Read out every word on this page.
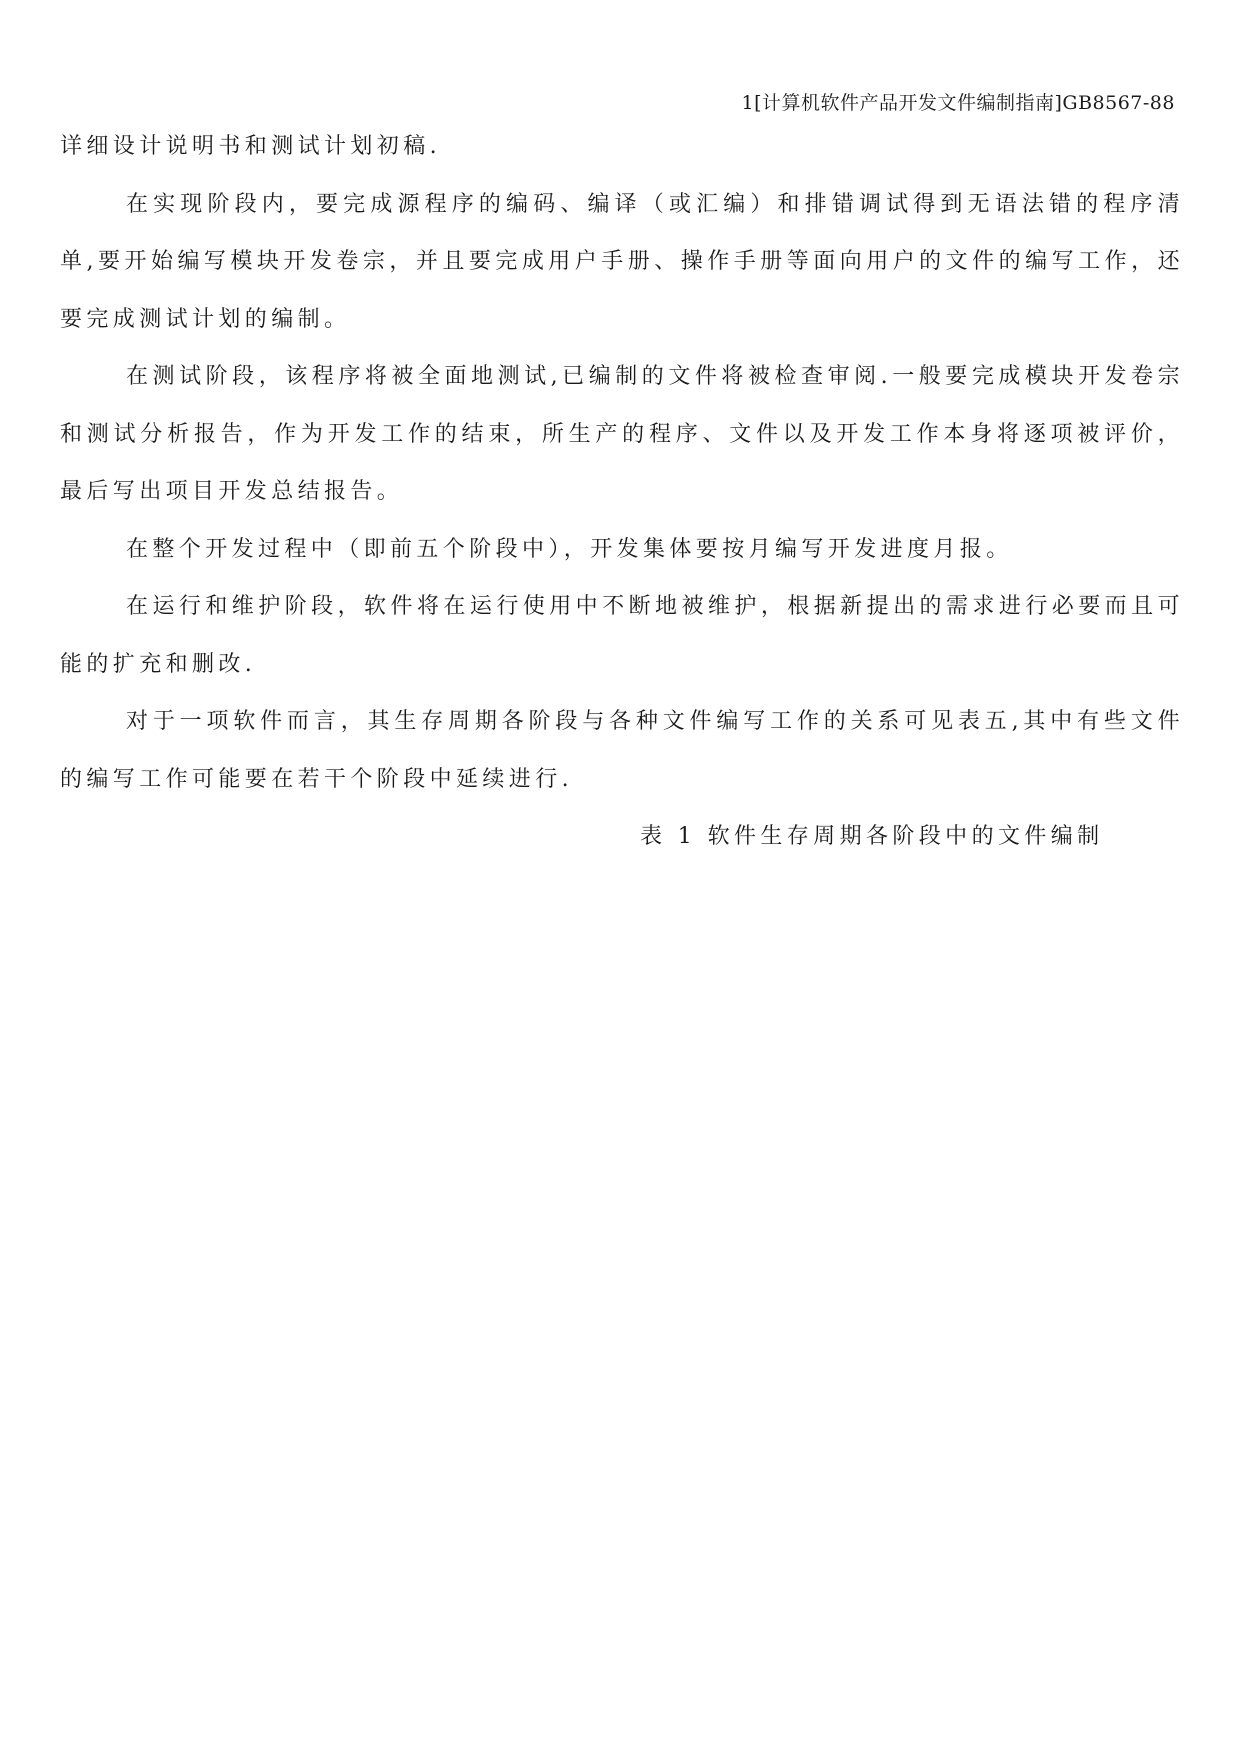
1[计算机软件产品开发文件编制指南]GB8567-88

详细设计说明书和测试计划初稿.

在实现阶段内，要完成源程序的编码、编译（或汇编）和排错调试得到无语法错的程序清单,要开始编写模块开发卷宗，并且要完成用户手册、操作手册等面向用户的文件的编写工作，还要完成测试计划的编制。

在测试阶段，该程序将被全面地测试,已编制的文件将被检查审阅.一般要完成模块开发卷宗和测试分析报告，作为开发工作的结束，所生产的程序、文件以及开发工作本身将逐项被评价，最后写出项目开发总结报告。

在整个开发过程中（即前五个阶段中），开发集体要按月编写开发进度月报。

在运行和维护阶段，软件将在运行使用中不断地被维护，根据新提出的需求进行必要而且可能的扩充和删改.

对于一项软件而言，其生存周期各阶段与各种文件编写工作的关系可见表五,其中有些文件的编写工作可能要在若干个阶段中延续进行.

表 1 软件生存周期各阶段中的文件编制
